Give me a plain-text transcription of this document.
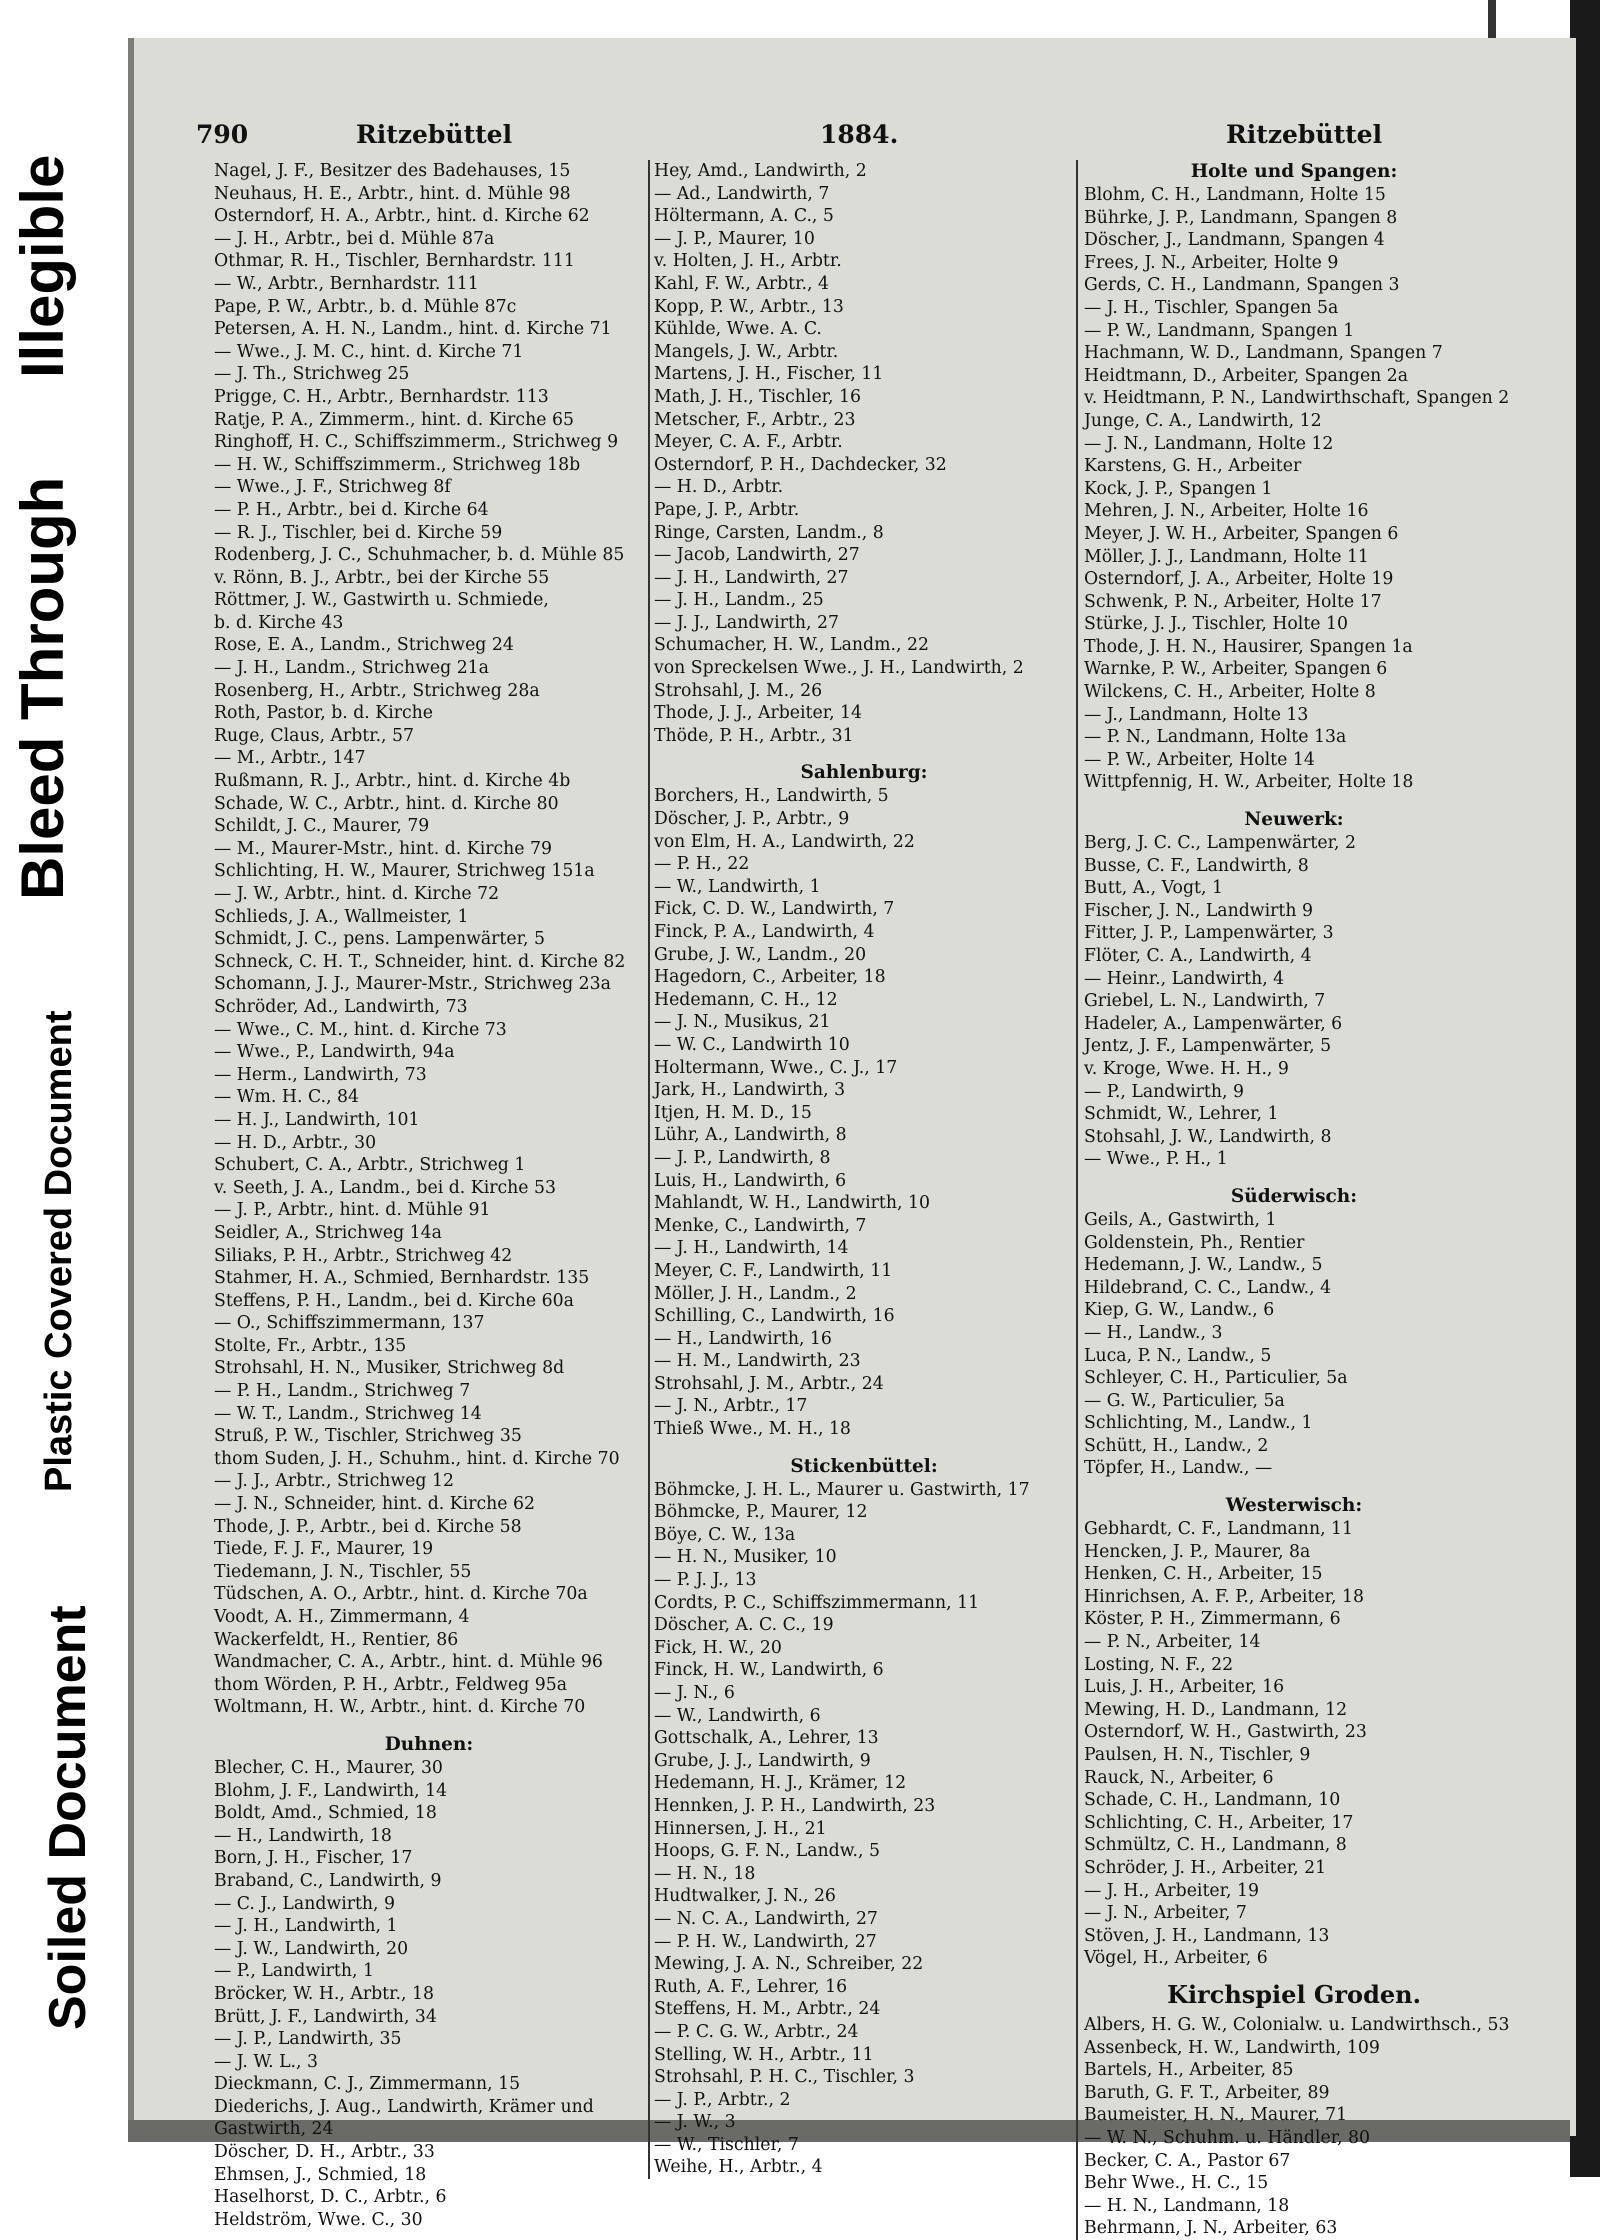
Illegible
Bleed Through
Plastic Covered Document
Soiled Document
790	Ritzebüttel	1884.	Ritzebüttel
Nagel, J. F., Besitzer des Badehauses, 15
Neuhaus, H. E., Arbtr., hint. d. Mühle 98
Osterndorf, H. A., Arbtr., hint. d. Kirche 62
— J. H., Arbtr., bei d. Mühle 87a
Othmar, R. H., Tischler, Bernhardstr. 111
— W., Arbtr., Bernhardstr. 111
Pape, P. W., Arbtr., b. d. Mühle 87c
Petersen, A. H. N., Landm., hint. d. Kirche 71
— Wwe., J. M. C., hint. d. Kirche 71
— J. Th., Strichweg 25
Prigge, C. H., Arbtr., Bernhardstr. 113
Ratje, P. A., Zimmerm., hint. d. Kirche 65
Ringhoff, H. C., Schiffszimmerm., Strichweg 9
— H. W., Schiffszimmerm., Strichweg 18b
— Wwe., J. F., Strichweg 8f
— P. H., Arbtr., bei d. Kirche 64
— R. J., Tischler, bei d. Kirche 59
Rodenberg, J. C., Schuhmacher, b. d. Mühle 85
v. Rönn, B. J., Arbtr., bei der Kirche 55
Röttmer, J. W., Gastwirth u. Schmiede,
b. d. Kirche 43
Rose, E. A., Landm., Strichweg 24
— J. H., Landm., Strichweg 21a
Rosenberg, H., Arbtr., Strichweg 28a
Roth, Pastor, b. d. Kirche
Ruge, Claus, Arbtr., 57
— M., Arbtr., 147
Rußmann, R. J., Arbtr., hint. d. Kirche 4b
Schade, W. C., Arbtr., hint. d. Kirche 80
Schildt, J. C., Maurer, 79
— M., Maurer-Mstr., hint. d. Kirche 79
Schlichting, H. W., Maurer, Strichweg 151a
— J. W., Arbtr., hint. d. Kirche 72
Schlieds, J. A., Wallmeister, 1
Schmidt, J. C., pens. Lampenwärter, 5
Schneck, C. H. T., Schneider, hint. d. Kirche 82
Schomann, J. J., Maurer-Mstr., Strichweg 23a
Schröder, Ad., Landwirth, 73
— Wwe., C. M., hint. d. Kirche 73
— Wwe., P., Landwirth, 94a
— Herm., Landwirth, 73
— Wm. H. C., 84
— H. J., Landwirth, 101
— H. D., Arbtr., 30
Schubert, C. A., Arbtr., Strichweg 1
v. Seeth, J. A., Landm., bei d. Kirche 53
— J. P., Arbtr., hint. d. Mühle 91
Seidler, A., Strichweg 14a
Siliaks, P. H., Arbtr., Strichweg 42
Stahmer, H. A., Schmied, Bernhardstr. 135
Steffens, P. H., Landm., bei d. Kirche 60a
— O., Schiffszimmermann, 137
Stolte, Fr., Arbtr., 135
Strohsahl, H. N., Musiker, Strichweg 8d
— P. H., Landm., Strichweg 7
— W. T., Landm., Strichweg 14
Struß, P. W., Tischler, Strichweg 35
thom Suden, J. H., Schuhm., hint. d. Kirche 70
— J. J., Arbtr., Strichweg 12
— J. N., Schneider, hint. d. Kirche 62
Thode, J. P., Arbtr., bei d. Kirche 58
Tiede, F. J. F., Maurer, 19
Tiedemann, J. N., Tischler, 55
Tüdschen, A. O., Arbtr., hint. d. Kirche 70a
Voodt, A. H., Zimmermann, 4
Wackerfeldt, H., Rentier, 86
Wandmacher, C. A., Arbtr., hint. d. Mühle 96
thom Wörden, P. H., Arbtr., Feldweg 95a
Woltmann, H. W., Arbtr., hint. d. Kirche 70
Duhnen:
Blecher, C. H., Maurer, 30
Blohm, J. F., Landwirth, 14
Boldt, Amd., Schmied, 18
— H., Landwirth, 18
Born, J. H., Fischer, 17
Braband, C., Landwirth, 9
— C. J., Landwirth, 9
— J. H., Landwirth, 1
— J. W., Landwirth, 20
— P., Landwirth, 1
Bröcker, W. H., Arbtr., 18
Brütt, J. F., Landwirth, 34
— J. P., Landwirth, 35
— J. W. L., 3
Dieckmann, C. J., Zimmermann, 15
Diederichs, J. Aug., Landwirth, Krämer und
Gastwirth, 24
Döscher, D. H., Arbtr., 33
Ehmsen, J., Schmied, 18
Haselhorst, D. C., Arbtr., 6
Heldström, Wwe. C., 30
Hey, Amd., Landwirth, 2
— Ad., Landwirth, 7
Höltermann, A. C., 5
— J. P., Maurer, 10
v. Holten, J. H., Arbtr.
Kahl, F. W., Arbtr., 4
Kopp, P. W., Arbtr., 13
Kühlde, Wwe. A. C.
Mangels, J. W., Arbtr.
Martens, J. H., Fischer, 11
Math, J. H., Tischler, 16
Metscher, F., Arbtr., 23
Meyer, C. A. F., Arbtr.
Osterndorf, P. H., Dachdecker, 32
— H. D., Arbtr.
Pape, J. P., Arbtr.
Ringe, Carsten, Landm., 8
— Jacob, Landwirth, 27
— J. H., Landwirth, 27
— J. H., Landm., 25
— J. J., Landwirth, 27
Schumacher, H. W., Landm., 22
von Spreckelsen Wwe., J. H., Landwirth, 2
Strohsahl, J. M., 26
Thode, J. J., Arbeiter, 14
Thöde, P. H., Arbtr., 31
Sahlenburg:
Borchers, H., Landwirth, 5
Döscher, J. P., Arbtr., 9
von Elm, H. A., Landwirth, 22
— P. H., 22
— W., Landwirth, 1
Fick, C. D. W., Landwirth, 7
Finck, P. A., Landwirth, 4
Grube, J. W., Landm., 20
Hagedorn, C., Arbeiter, 18
Hedemann, C. H., 12
— J. N., Musikus, 21
— W. C., Landwirth 10
Holtermann, Wwe., C. J., 17
Jark, H., Landwirth, 3
Itjen, H. M. D., 15
Lühr, A., Landwirth, 8
— J. P., Landwirth, 8
Luis, H., Landwirth, 6
Mahlandt, W. H., Landwirth, 10
Menke, C., Landwirth, 7
— J. H., Landwirth, 14
Meyer, C. F., Landwirth, 11
Möller, J. H., Landm., 2
Schilling, C., Landwirth, 16
— H., Landwirth, 16
— H. M., Landwirth, 23
Strohsahl, J. M., Arbtr., 24
— J. N., Arbtr., 17
Thieß Wwe., M. H., 18
Stickenbüttel:
Böhmcke, J. H. L., Maurer u. Gastwirth, 17
Böhmcke, P., Maurer, 12
Böye, C. W., 13a
— H. N., Musiker, 10
— P. J. J., 13
Cordts, P. C., Schiffszimmermann, 11
Döscher, A. C. C., 19
Fick, H. W., 20
Finck, H. W., Landwirth, 6
— J. N., 6
— W., Landwirth, 6
Gottschalk, A., Lehrer, 13
Grube, J. J., Landwirth, 9
Hedemann, H. J., Krämer, 12
Hennken, J. P. H., Landwirth, 23
Hinnersen, J. H., 21
Hoops, G. F. N., Landw., 5
— H. N., 18
Hudtwalker, J. N., 26
— N. C. A., Landwirth, 27
— P. H. W., Landwirth, 27
Mewing, J. A. N., Schreiber, 22
Ruth, A. F., Lehrer, 16
Steffens, H. M., Arbtr., 24
— P. C. G. W., Arbtr., 24
Stelling, W. H., Arbtr., 11
Strohsahl, P. H. C., Tischler, 3
— J. P., Arbtr., 2
— J. W., 3
— W., Tischler, 7
Weihe, H., Arbtr., 4
Holte und Spangen:
Blohm, C. H., Landmann, Holte 15
Bührke, J. P., Landmann, Spangen 8
Döscher, J., Landmann, Spangen 4
Frees, J. N., Arbeiter, Holte 9
Gerds, C. H., Landmann, Spangen 3
— J. H., Tischler, Spangen 5a
— P. W., Landmann, Spangen 1
Hachmann, W. D., Landmann, Spangen 7
Heidtmann, D., Arbeiter, Spangen 2a
v. Heidtmann, P. N., Landwirthschaft, Spangen 2
Junge, C. A., Landwirth, 12
— J. N., Landmann, Holte 12
Karstens, G. H., Arbeiter
Kock, J. P., Spangen 1
Mehren, J. N., Arbeiter, Holte 16
Meyer, J. W. H., Arbeiter, Spangen 6
Möller, J. J., Landmann, Holte 11
Osterndorf, J. A., Arbeiter, Holte 19
Schwenk, P. N., Arbeiter, Holte 17
Stürke, J. J., Tischler, Holte 10
Thode, J. H. N., Hausirer, Spangen 1a
Warnke, P. W., Arbeiter, Spangen 6
Wilckens, C. H., Arbeiter, Holte 8
— J., Landmann, Holte 13
— P. N., Landmann, Holte 13a
— P. W., Arbeiter, Holte 14
Wittpfennig, H. W., Arbeiter, Holte 18
Neuwerk:
Berg, J. C. C., Lampenwärter, 2
Busse, C. F., Landwirth, 8
Butt, A., Vogt, 1
Fischer, J. N., Landwirth 9
Fitter, J. P., Lampenwärter, 3
Flöter, C. A., Landwirth, 4
— Heinr., Landwirth, 4
Griebel, L. N., Landwirth, 7
Hadeler, A., Lampenwärter, 6
Jentz, J. F., Lampenwärter, 5
v. Kroge, Wwe. H. H., 9
— P., Landwirth, 9
Schmidt, W., Lehrer, 1
Stohsahl, J. W., Landwirth, 8
— Wwe., P. H., 1
Süderwisch:
Geils, A., Gastwirth, 1
Goldenstein, Ph., Rentier
Hedemann, J. W., Landw., 5
Hildebrand, C. C., Landw., 4
Kiep, G. W., Landw., 6
— H., Landw., 3
Luca, P. N., Landw., 5
Schleyer, C. H., Particulier, 5a
— G. W., Particulier, 5a
Schlichting, M., Landw., 1
Schütt, H., Landw., 2
Töpfer, H., Landw., —
Westerwisch:
Gebhardt, C. F., Landmann, 11
Hencken, J. P., Maurer, 8a
Henken, C. H., Arbeiter, 15
Hinrichsen, A. F. P., Arbeiter, 18
Köster, P. H., Zimmermann, 6
— P. N., Arbeiter, 14
Losting, N. F., 22
Luis, J. H., Arbeiter, 16
Mewing, H. D., Landmann, 12
Osterndorf, W. H., Gastwirth, 23
Paulsen, H. N., Tischler, 9
Rauck, N., Arbeiter, 6
Schade, C. H., Landmann, 10
Schlichting, C. H., Arbeiter, 17
Schmültz, C. H., Landmann, 8
Schröder, J. H., Arbeiter, 21
— J. H., Arbeiter, 19
— J. N., Arbeiter, 7
Stöven, J. H., Landmann, 13
Vögel, H., Arbeiter, 6
Kirchspiel Groden.
Albers, H. G. W., Colonialw. u. Landwirthsch., 53
Assenbeck, H. W., Landwirth, 109
Bartels, H., Arbeiter, 85
Baruth, G. F. T., Arbeiter, 89
Baumeister, H. N., Maurer, 71
— W. N., Schuhm. u. Händler, 80
Becker, C. A., Pastor 67
Behr Wwe., H. C., 15
— H. N., Landmann, 18
Behrmann, J. N., Arbeiter, 63
